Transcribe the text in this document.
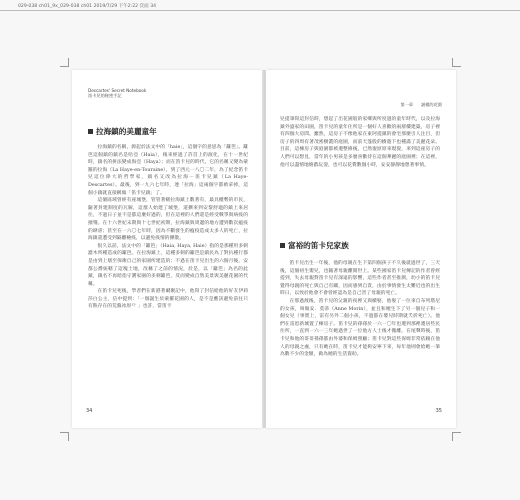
029-038 ch01_9x_029-038 ch01 2019/7/29 下午2:22 頁面 34
Descartes' Secret Notebook
笛卡兒的秘密手記
拉海鎮的美麗童年

拉海鎮的名稱，源起於法文中的「haie」，這個字的意思為「籬笆」。籬笆這個鎮的鎮名是哈亞（Haia），後來經過了許首上的演化，在十一世紀時，鎮名的拼法變成海亞（Haya）；而在笛卡兒的時代，它的名稱又變為蒙羅的拉海（La Haye-en-Touraine），到了西元一八〇二年，為了紀念笛卡兒這位偉大的哲學家，鎮名又改為拉海－笛卡兒鎮（La Haye-Descartes）。最後，到一九六七年時，連「拉海」這兩個字都被拿掉，這個小鎮就直接稱做「笛卡兒鎮」了。

這個區域曾經有座城堡，管管著轄拉海鎮上數著有，最具權勢的市民，隨著封建制度的瓦解，這群人始建了城堡，還擴來到安黎舒適的鎮上來居住，不過日子並不是都這麼好過的，但在這裡的人們還是經受戰爭與病疫的摧殘。在十六世紀末期與十七世紀初期，拉海鎮與周邊的地方遭到數次瘟疫的肆虐；甚至在一六〇七年時，因為不斷發生的瘟疫造成太多人的死亡，拉海鎮還遭受到隔離檢疫，以避免疫情的擴散。

很久以前，法文中的「籬笆」（Haia, Haya, Haie）指的是那種用多刺灌木所種造成的籬笆。在拉海鎮上，這種多刺的籬笆是鎮民為了對抗種行都是由到上層至保衛自己的家園所建造的；不過在笛卡兒出生的六個月後，安都公爵統轄了這塊土地，改稱了之前的情況，於是，以「籬笆」為名的此鎮，鎮名不再暗指守護家園的多刺籬笆，反而變成自然美景與美麗花園的代稱。

在笛卡兒死後，學者們在新港著爾聚記中，他寫了封信給他的好友伊莉莎白公主，信中提到：「一個誕生於蒙羅花園的人，是不是應該避免前往只有熊存在的荒蕪冰原¹？」也許，當笛卡

34
第一章 謎樣的花園

兒提筆寫這封信時，想起了出花園般的家鄉與所度過的童年時代，以及拉海鎮外盛家的田園，笛卡兒的童年住所是一個好人喜歡的兩層樓建築，房子裡有四個大房間。雖然，這房子不像他家在東阿提鎮的會宅那麼引人注目，但房子的四周有著茂密樹叢的庭園，而前天蓬般的樹蔭下也種滿了美麗花朵。目前，這棟房子與庭園都被遷整修後，已然復原原來現貌，來到這座房子的人們可以想見，當年的小男孩是多麼喜歡待在這個華麗的庭園裡；在這裡，他可以盡情地嬉戲玩耍，也可以花費數個小時，安安靜靜地想著事情。

富裕的笛卡兒家族

笛卡兒出生一年後，他的母親在生下第四個孩子不久後就過世了，三天後，這個初生嬰兒，也隨著母親離開世上。某些國家笛卡兒傳記的作者曾經提到，失去母親對笛卡兒有深遠的影響，這些作者甚至推測，幼小的笛卡兒覺得母親的死亡與自己有關，因而感到自責，由於事情發生太難近也的出生時日，以致於他會不會曾經認為是自己害了母親的死亡。

在那過渡後，笛卡兒的父親的夜裡又與續娶，他娶了一位來自布列塔尼的女孩，叫做安．莫蒂（Anne Morin），並且和她生下了另一個兒子和一個女兒（事實上，雷有另外二個小孩，不過都在嬰兒時期就夭折死亡）。他們在雷恩新城置了棟房子。笛卡兒的孫孫於一六一〇年也遷到那裡遷居些民住所，一直到一六一三年她過世了一位他方人士後才搬離。在尾聲時後，笛卡兒和他的哥哥孫孫都由外婆和保姆照顧；笛卡兒對這些保姆非常依賴在他人的母親之處，只有她在時，笛卡兒才能夠安寧下來，每年他則會給她一筆為數不少的金額，做為她的生活資助。

35
